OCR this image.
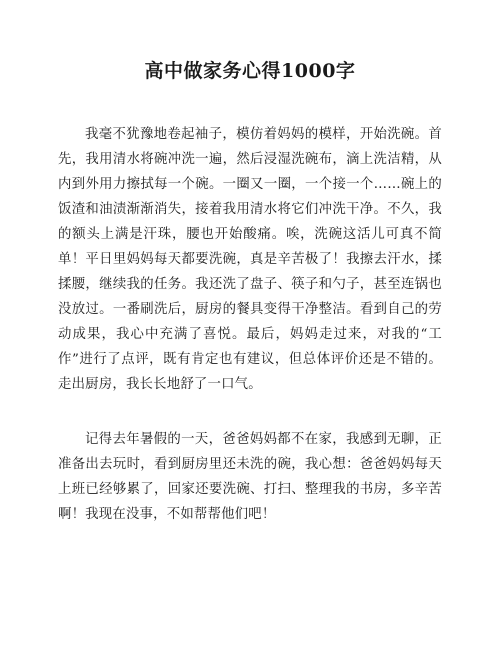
高中做家务心得1000字

我毫不犹豫地卷起袖子，模仿着妈妈的模样，开始洗碗。首先，我用清水将碗冲洗一遍，然后浸湿洗碗布，滴上洗洁精，从内到外用力擦拭每一个碗。一圈又一圈，一个接一个……碗上的饭渣和油渍渐渐消失，接着我用清水将它们冲洗干净。不久，我的额头上满是汗珠，腰也开始酸痛。唉，洗碗这活儿可真不简单！平日里妈妈每天都要洗碗，真是辛苦极了！我擦去汗水，揉揉腰，继续我的任务。我还洗了盘子、筷子和勺子，甚至连锅也没放过。一番刷洗后，厨房的餐具变得干净整洁。看到自己的劳动成果，我心中充满了喜悦。最后，妈妈走过来，对我的“工作”进行了点评，既有肯定也有建议，但总体评价还是不错的。走出厨房，我长长地舒了一口气。

记得去年暑假的一天，爸爸妈妈都不在家，我感到无聊，正准备出去玩时，看到厨房里还未洗的碗，我心想：爸爸妈妈每天上班已经够累了，回家还要洗碗、打扫、整理我的书房，多辛苦啊！我现在没事，不如帮帮他们吧！
